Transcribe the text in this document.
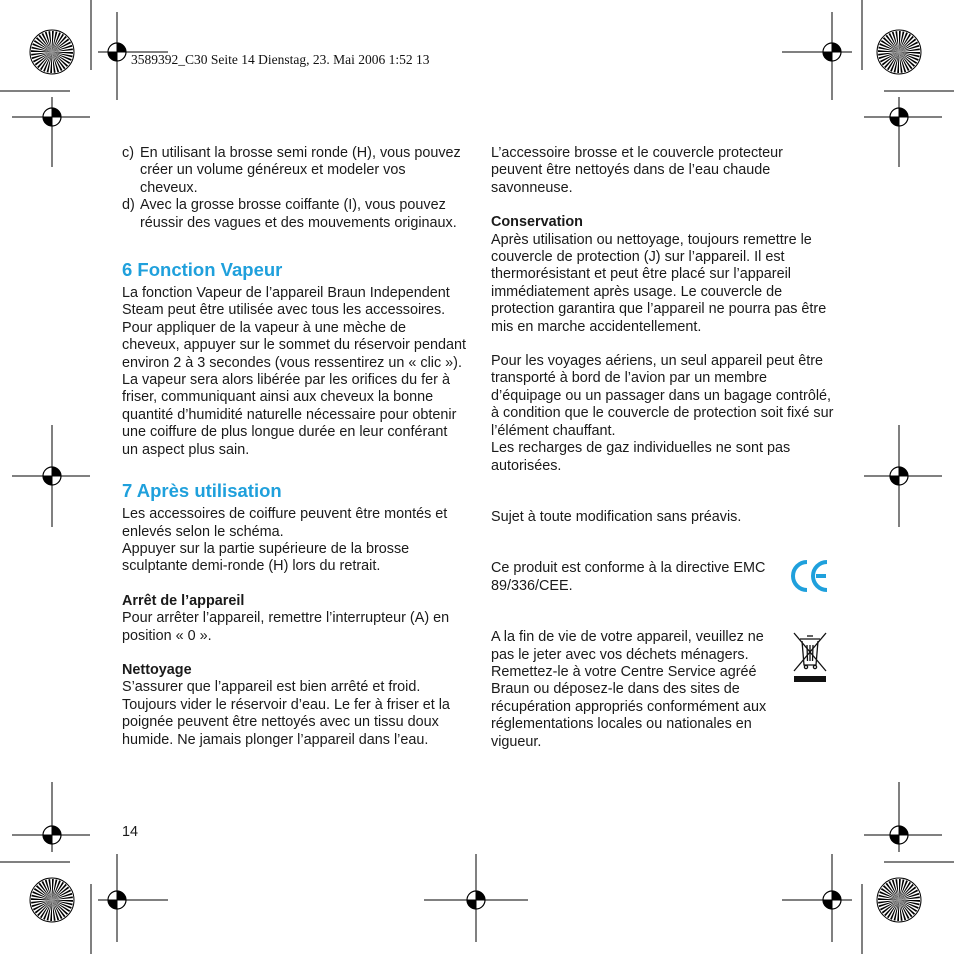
3589392_C30 Seite 14 Dienstag, 23. Mai 2006 1:52 13
c) En utilisant la brosse semi ronde (H), vous pouvez créer un volume généreux et modeler vos cheveux.
d) Avec la grosse brosse coiffante (I), vous pouvez réussir des vagues et des mouvements originaux.
6 Fonction Vapeur

La fonction Vapeur de l’appareil Braun Independent Steam peut être utilisée avec tous les accessoires. Pour appliquer de la vapeur à une mèche de cheveux, appuyer sur le sommet du réservoir pendant environ 2 à 3 secondes (vous ressentirez un « clic »). La vapeur sera alors libérée par les orifices du fer à friser, communiquant ainsi aux cheveux la bonne quantité d’humidité naturelle nécessaire pour obtenir une coiffure de plus longue durée en leur conférant un aspect plus sain.

7 Après utilisation

Les accessoires de coiffure peuvent être montés et enlevés selon le schéma.

Appuyer sur la partie supérieure de la brosse sculptante demi-ronde (H) lors du retrait.

Arrêt de l’appareil

Pour arrêter l’appareil, remettre l’interrupteur (A) en position « 0 ».

Nettoyage

S’assurer que l’appareil est bien arrêté et froid. Toujours vider le réservoir d’eau. Le fer à friser et la poignée peuvent être nettoyés avec un tissu doux humide. Ne jamais plonger l’appareil dans l’eau.

14

L’accessoire brosse et le couvercle protecteur peuvent être nettoyés dans de l’eau chaude savonneuse.

Conservation

Après utilisation ou nettoyage, toujours remettre le couvercle de protection (J) sur l’appareil. Il est thermorésistant et peut être placé sur l’appareil immédiatement après usage. Le couvercle de protection garantira que l’appareil ne pourra pas être mis en marche accidentellement.

Pour les voyages aériens, un seul appareil peut être transporté à bord de l’avion par un membre d’équipage ou un passager dans un bagage contrôlé, à condition que le couvercle de protection soit fixé sur l’élément chauffant.

Les recharges de gaz individuelles ne sont pas autorisées.

Sujet à toute modification sans préavis.

Ce produit est conforme à la directive EMC 89/336/CEE.

A la fin de vie de votre appareil, veuillez ne pas le jeter avec vos déchets ménagers. Remettez-le à votre Centre Service agréé Braun ou déposez-le dans des sites de récupération appropriés conformément aux réglementations locales ou nationales en vigueur.
